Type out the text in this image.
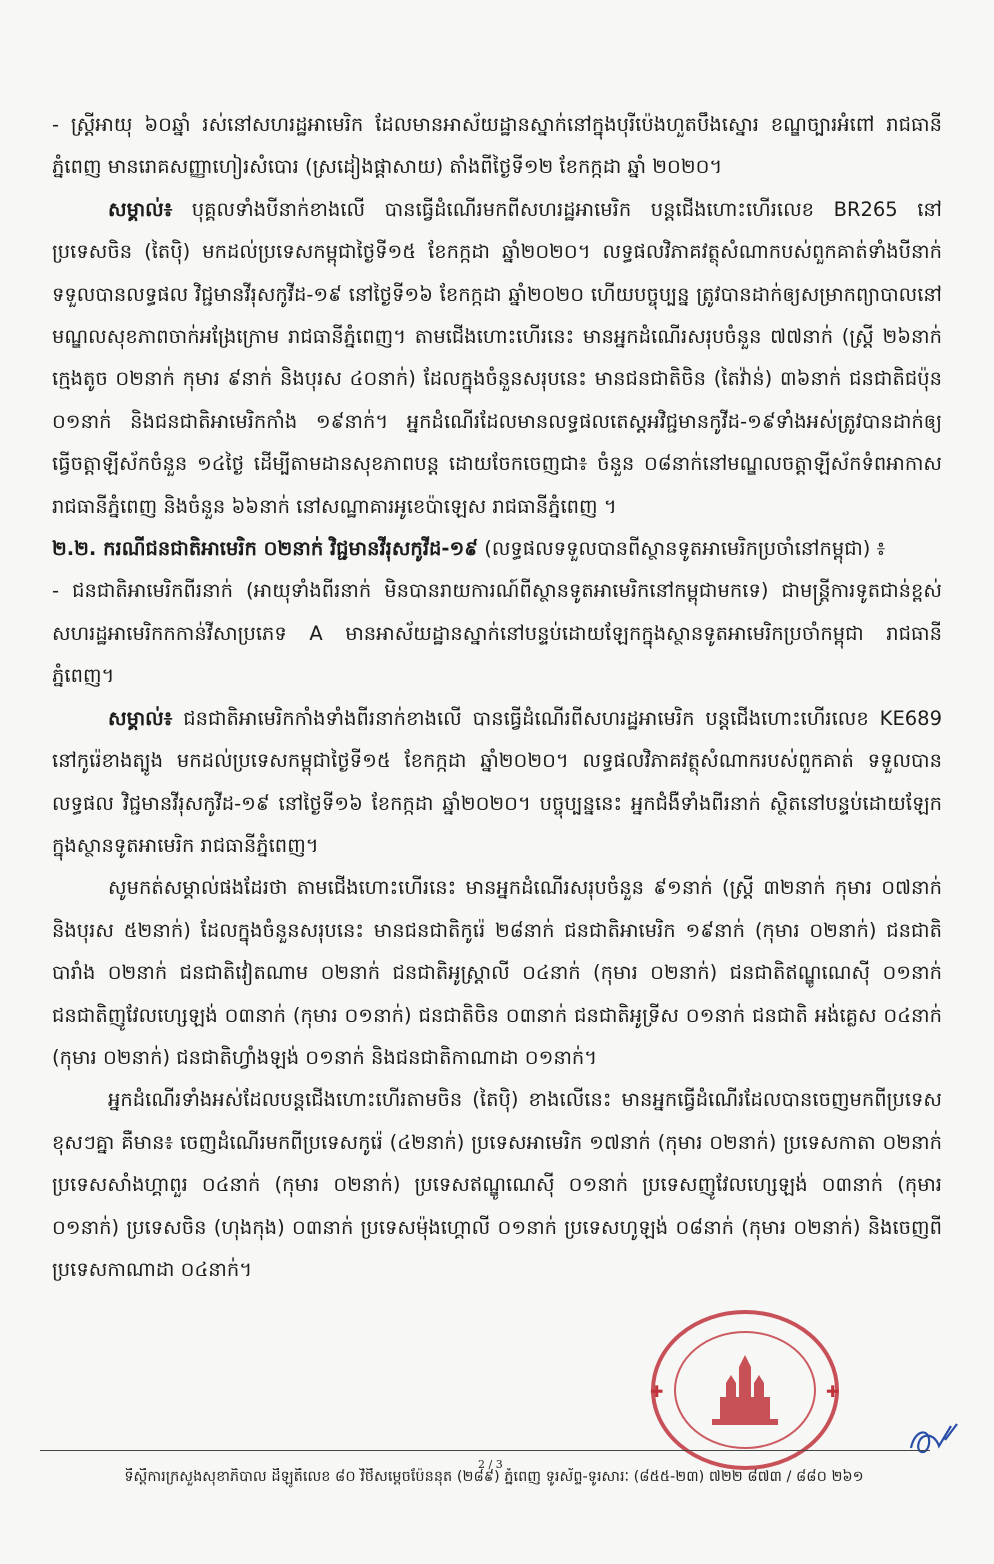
- ស្ត្រីអាយុ ៦០ឆ្នាំ រស់នៅសហរដ្ឋអាមេរិក ដែលមានអាស័យដ្ឋានស្នាក់នៅក្នុងបុរីប៉េងហួតបឹងស្នោរ ខណ្ឌច្បារអំពៅ រាជធានីភ្នំពេញ មានរោគសញ្ញាហៀរសំបោរ (ស្រដៀងផ្ដាសាយ) តាំងពីថ្ងៃទី១២ ខែកក្កដា ឆ្នាំ ២០២០។

សម្គាល់៖ បុគ្គលទាំងបីនាក់ខាងលើ បានធ្វើដំណើរមកពីសហរដ្ឋអាមេរិក បន្តជើងហោះហើរលេខ BR265 នៅប្រទេសចិន (តៃប៉ិ) មកដល់ប្រទេសកម្ពុជាថ្ងៃទី១៥ ខែកក្កដា ឆ្នាំ២០២០។ លទ្ធផលវិភាគវត្ថុសំណាកបស់ពួកគាត់ទាំងបីនាក់ ទទួលបានលទ្ធផល វិជ្ជមានវីរុសកូវីដ-១៩ នៅថ្ងៃទី១៦ ខែកក្កដា ឆ្នាំ២០២០ ហើយបច្ចុប្បន្ន ត្រូវបានដាក់ឲ្យសម្រាកព្យាបាលនៅមណ្ឌលសុខភាពចាក់អង្រែក្រោម រាជធានីភ្នំពេញ។ តាមជើងហោះហើរនេះ មានអ្នកដំណើរសរុបចំនួន ៧៧នាក់ (ស្ត្រី ២៦នាក់ ក្មេងតូច ០២នាក់ កុមារ ៩នាក់ និងបុរស ៤០នាក់) ដែលក្នុងចំនួនសរុបនេះ មានជនជាតិចិន (តៃវ៉ាន់) ៣៦នាក់ ជនជាតិជប៉ុន ០១នាក់ និងជនជាតិអាមេរិកកាំង ១៩នាក់។ អ្នកដំណើរដែលមានលទ្ធផលតេស្តអវិជ្ជមានកូវីដ-១៩ទាំងអស់ត្រូវបានដាក់ឲ្យធ្វើចត្តាឡីស័កចំនួន ១៤ថ្ងៃ ដើម្បីតាមដានសុខភាពបន្ត ដោយចែកចេញជា៖ ចំនួន ០៨នាក់នៅមណ្ឌលចត្តាឡីស័កទំពអាកាស រាជធានីភ្នំពេញ និងចំនួន ៦៦នាក់ នៅសណ្ឋាគារអូខេប៉ាឡេស រាជធានីភ្នំពេញ ។

២.២. ករណីជនជាតិអាមេរិក ០២នាក់ វិជ្ជមានវីរុសកូវីដ-១៩ (លទ្ធផលទទួលបានពីស្ថានទូតអាមេរិកប្រចាំនៅកម្ពុជា) ៖

- ជនជាតិអាមេរិកពីរនាក់ (អាយុទាំងពីរនាក់ មិនបានរាយការណ៍ពីស្ថានទូតអាមេរិកនៅកម្ពុជាមកទេ) ជាមន្ត្រីការទូតជាន់ខ្ពស់សហរដ្ឋអាមេរិកកកាន់វីសាប្រភេទ A មានអាស័យដ្ឋានស្នាក់នៅបន្ទប់ដោយឡែកក្នុងស្ថានទូតអាមេរិកប្រចាំកម្ពុជា រាជធានីភ្នំពេញ។

សម្គាល់៖ ជនជាតិអាមេរិកកាំងទាំងពីរនាក់ខាងលើ បានធ្វើដំណើរពីសហរដ្ឋអាមេរិក បន្តជើងហោះហើរលេខ KE689 នៅកូរ៉េខាងត្បូង មកដល់ប្រទេសកម្ពុជាថ្ងៃទី១៥ ខែកក្កដា ឆ្នាំ២០២០។ លទ្ធផលវិភាគវត្ថុសំណាករបស់ពួកគាត់ ទទួលបានលទ្ធផល វិជ្ជមានវីរុសកូវីដ-១៩ នៅថ្ងៃទី១៦ ខែកក្កដា ឆ្នាំ២០២០។ បច្ចុប្បន្ននេះ អ្នកជំងឺទាំងពីរនាក់ ស្ថិតនៅបន្ទប់ដោយឡែកក្នុងស្ថានទូតអាមេរិក រាជធានីភ្នំពេញ។

សូមកត់សម្គាល់ផងដែរថា តាមជើងហោះហើរនេះ មានអ្នកដំណើរសរុបចំនួន ៩១នាក់ (ស្ត្រី ៣២នាក់ កុមារ ០៧នាក់ និងបុរស ៥២នាក់) ដែលក្នុងចំនួនសរុបនេះ មានជនជាតិកូរ៉េ ២៨នាក់ ជនជាតិអាមេរិក ១៩នាក់ (កុមារ ០២នាក់) ជនជាតិបារាំង ០២នាក់ ជនជាតិវៀតណាម ០២នាក់ ជនជាតិអូស្ត្រាលី ០៤នាក់ (កុមារ ០២នាក់) ជនជាតិឥណ្ឌូណេស៊ី ០១នាក់ ជនជាតិញូវែលហ្សេឡង់ ០៣នាក់ (កុមារ ០១នាក់) ជនជាតិចិន ០៣នាក់ ជនជាតិអូទ្រីស ០១នាក់ ជនជាតិ អង់គ្លេស ០៤នាក់ (កុមារ ០២នាក់) ជនជាតិហ្វាំងឡង់ ០១នាក់ និងជនជាតិកាណាដា ០១នាក់។

អ្នកដំណើរទាំងអស់ដែលបន្តជើងហោះហើរតាមចិន (តៃប៉ិ) ខាងលើនេះ មានអ្នកធ្វើដំណើរដែលបានចេញមកពីប្រទេសខុសៗគ្នា គឺមាន៖ ចេញដំណើរមកពីប្រទេសកូរ៉េ (៤២នាក់) ប្រទេសអាមេរិក ១៧នាក់ (កុមារ ០២នាក់) ប្រទេសកាតា ០២នាក់ ប្រទេសសាំងហ្គាពួរ ០៤នាក់ (កុមារ ០២នាក់) ប្រទេសឥណ្ឌូណេស៊ី ០១នាក់ ប្រទេសញូវែលហ្សេឡង់ ០៣នាក់ (កុមារ ០១នាក់) ប្រទេសចិន (ហុងកុង) ០៣នាក់ ប្រទេសម៉ុងហ្គោលី ០១នាក់ ប្រទេសហូឡង់ ០៨នាក់ (កុមារ ០២នាក់) និងចេញពីប្រទេសកាណាដា ០៤នាក់។

✚	✚
2 / 3
ទីស្តីការក្រសួងសុខាភិបាល ដីឡូតិ៍លេខ ៨០ វិថីសម្តេចប៉ែននុត (២៨៩) ភ្នំពេញ ទូរស័ព្ទ-ទូរសារៈ (៨៥៥-២៣) ៧២២ ៨៧៣ / ៨៨០ ២៦១
